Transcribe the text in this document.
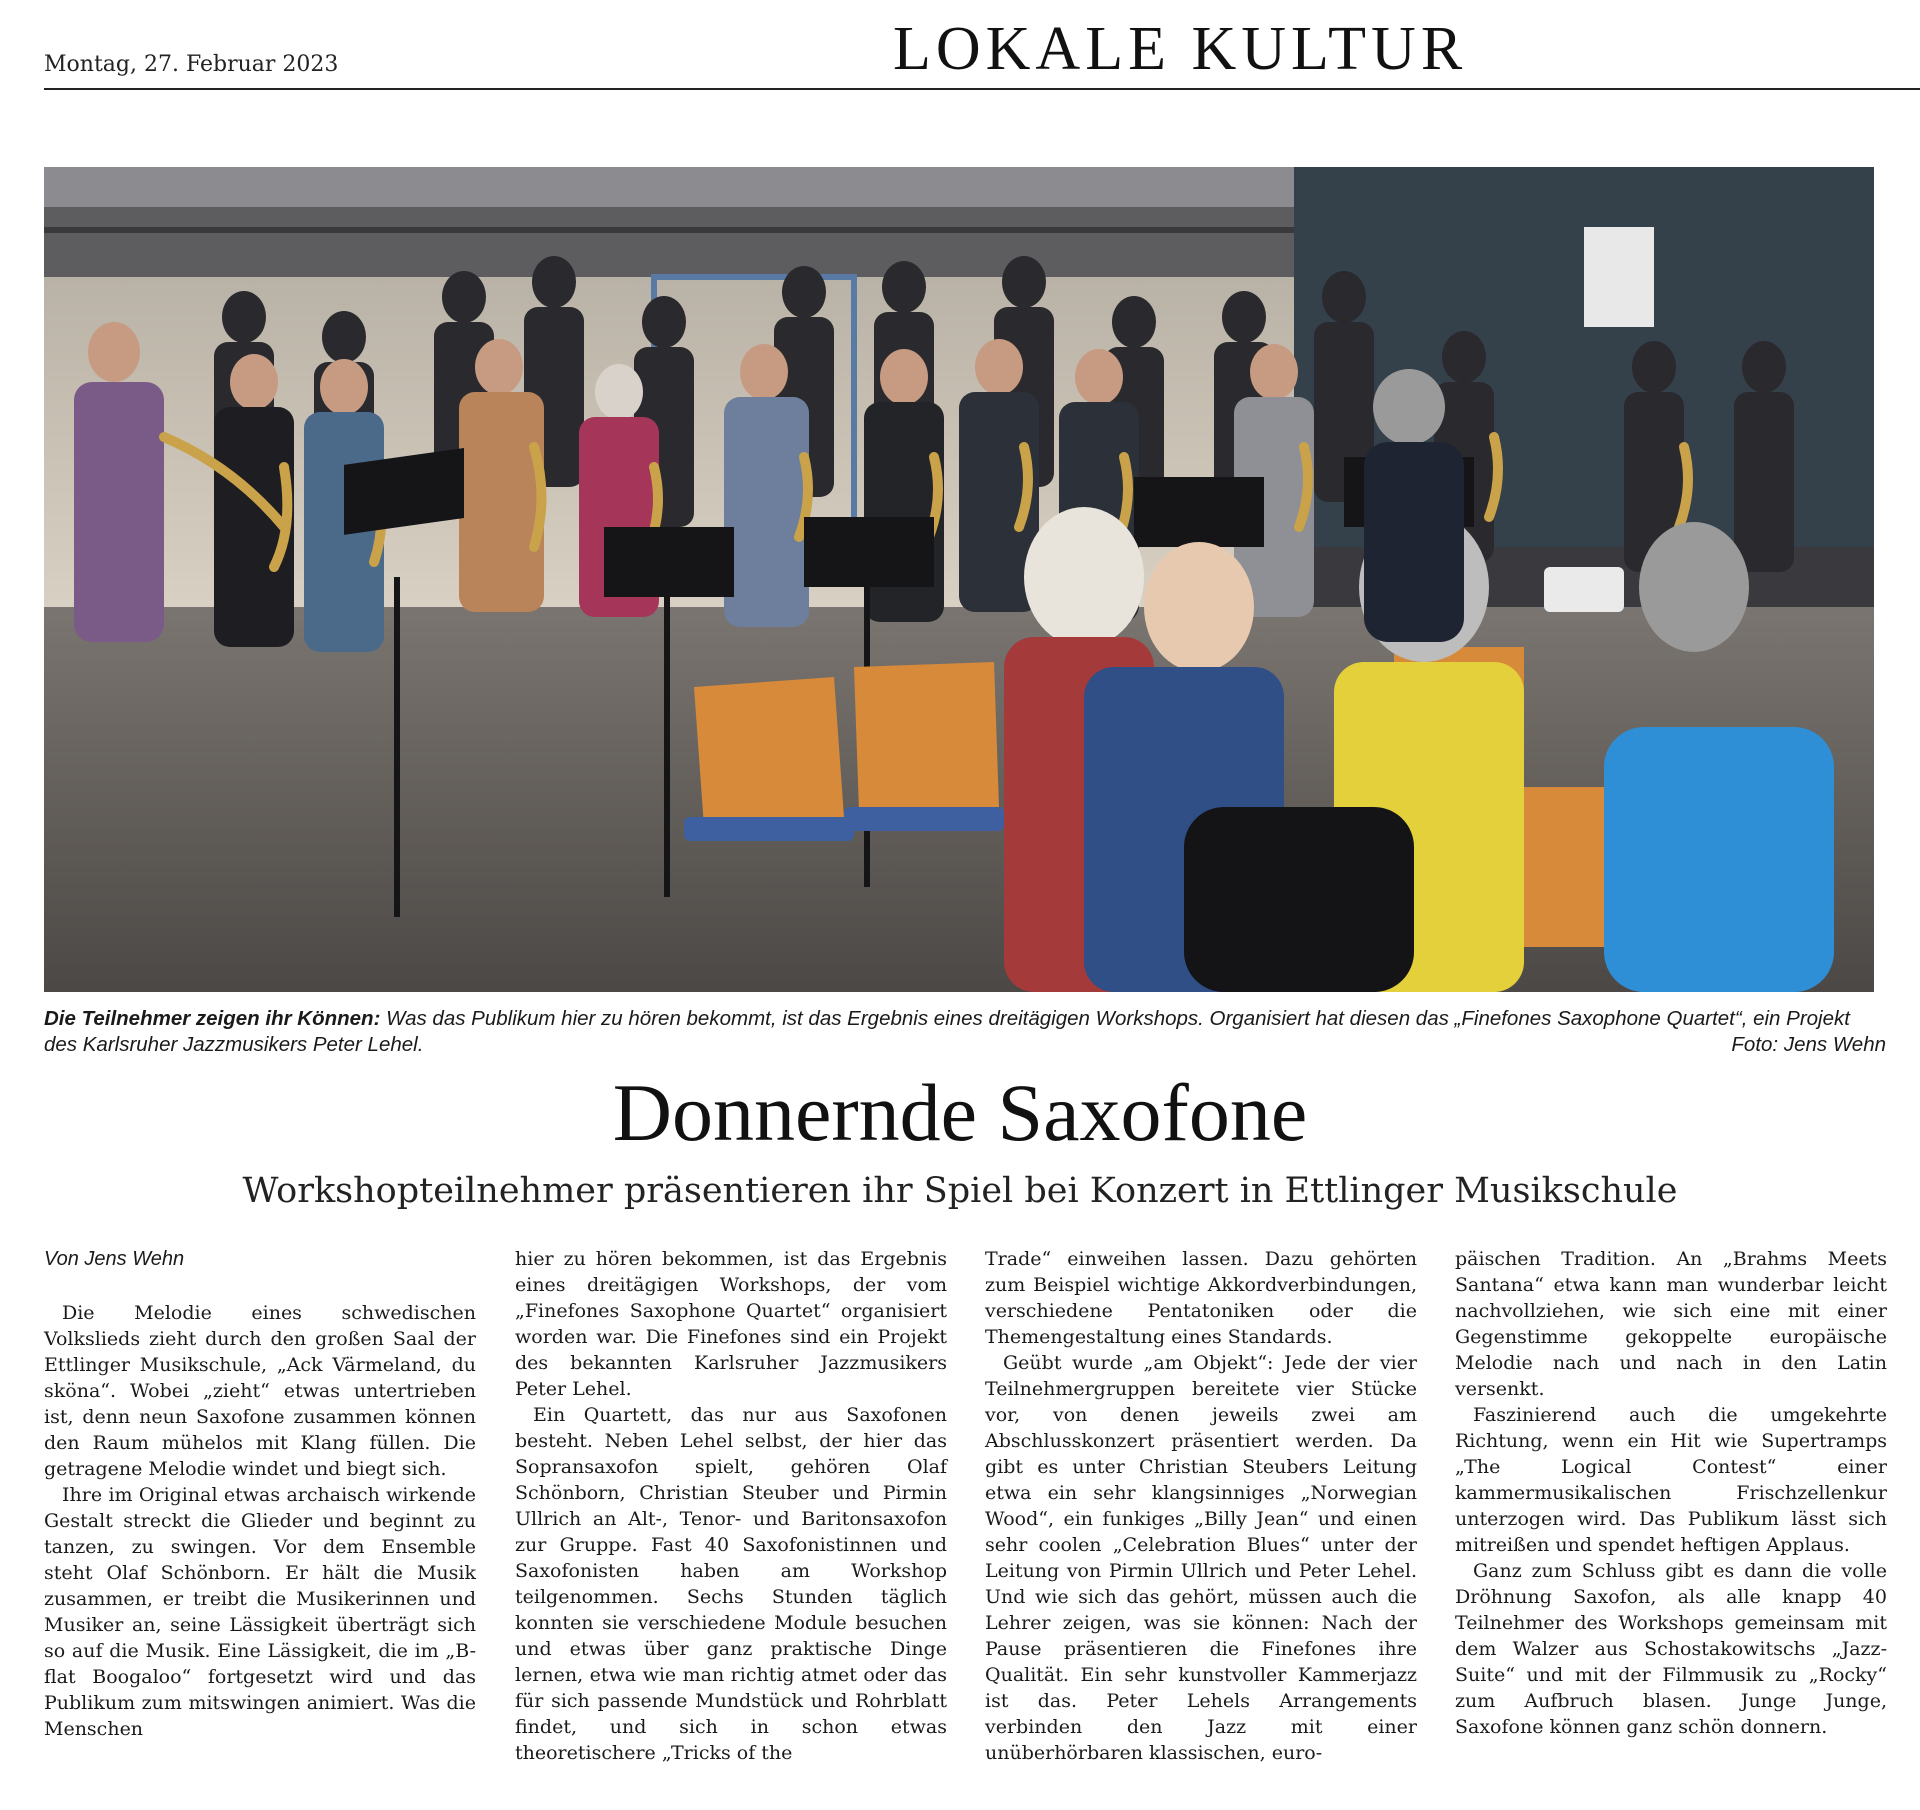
Montag, 27. Februar 2023	LOKALE KULTUR
Die Teilnehmer zeigen ihr Können: Was das Publikum hier zu hören bekommt, ist das Ergebnis eines dreitägigen Workshops. Organisiert hat diesen das „Finefones Saxophone Quartet“, ein Projekt des Karlsruher Jazzmusikers Peter Lehel.	Foto: Jens Wehn
Donnernde Saxofone
Workshopteilnehmer präsentieren ihr Spiel bei Konzert in Ettlinger Musikschule

Von Jens Wehn

Die Melodie eines schwedischen Volkslieds zieht durch den großen Saal der Ettlinger Musikschule, „Ack Värmeland, du sköna“. Wobei „zieht“ etwas untertrieben ist, denn neun Saxofone zusammen können den Raum mühelos mit Klang füllen. Die getragene Melodie windet und biegt sich.

Ihre im Original etwas archaisch wirkende Gestalt streckt die Glieder und beginnt zu tanzen, zu swingen. Vor dem Ensemble steht Olaf Schönborn. Er hält die Musik zusammen, er treibt die Musikerinnen und Musiker an, seine Lässigkeit überträgt sich so auf die Musik. Eine Lässigkeit, die im „B-flat Boogaloo“ fortgesetzt wird und das Publikum zum mitswingen animiert. Was die Menschen

hier zu hören bekommen, ist das Ergebnis eines dreitägigen Workshops, der vom „Finefones Saxophone Quartet“ organisiert worden war. Die Finefones sind ein Projekt des bekannten Karlsruher Jazzmusikers Peter Lehel.

Ein Quartett, das nur aus Saxofonen besteht. Neben Lehel selbst, der hier das Sopransaxofon spielt, gehören Olaf Schönborn, Christian Steuber und Pirmin Ullrich an Alt-, Tenor- und Baritonsaxofon zur Gruppe. Fast 40 Saxofonistinnen und Saxofonisten haben am Workshop teilgenommen. Sechs Stunden täglich konnten sie verschiedene Module besuchen und etwas über ganz praktische Dinge lernen, etwa wie man richtig atmet oder das für sich passende Mundstück und Rohrblatt findet, und sich in schon etwas theoretischere „Tricks of the

Trade“ einweihen lassen. Dazu gehörten zum Beispiel wichtige Akkordverbindungen, verschiedene Pentatoniken oder die Themengestaltung eines Standards.

Geübt wurde „am Objekt“: Jede der vier Teilnehmergruppen bereitete vier Stücke vor, von denen jeweils zwei am Abschlusskonzert präsentiert werden. Da gibt es unter Christian Steubers Leitung etwa ein sehr klangsinniges „Norwegian Wood“, ein funkiges „Billy Jean“ und einen sehr coolen „Celebration Blues“ unter der Leitung von Pirmin Ullrich und Peter Lehel. Und wie sich das gehört, müssen auch die Lehrer zeigen, was sie können: Nach der Pause präsentieren die Finefones ihre Qualität. Ein sehr kunstvoller Kammerjazz ist das. Peter Lehels Arrangements verbinden den Jazz mit einer unüberhörbaren klassischen, euro-

päischen Tradition. An „Brahms Meets Santana“ etwa kann man wunderbar leicht nachvollziehen, wie sich eine mit einer Gegenstimme gekoppelte europäische Melodie nach und nach in den Latin versenkt.

Faszinierend auch die umgekehrte Richtung, wenn ein Hit wie Supertramps „The Logical Contest“ einer kammermusikalischen Frischzellenkur unterzogen wird. Das Publikum lässt sich mitreißen und spendet heftigen Applaus.

Ganz zum Schluss gibt es dann die volle Dröhnung Saxofon, als alle knapp 40 Teilnehmer des Workshops gemeinsam mit dem Walzer aus Schostakowitschs „Jazz-Suite“ und mit der Filmmusik zu „Rocky“ zum Aufbruch blasen. Junge Junge, Saxofone können ganz schön donnern.
